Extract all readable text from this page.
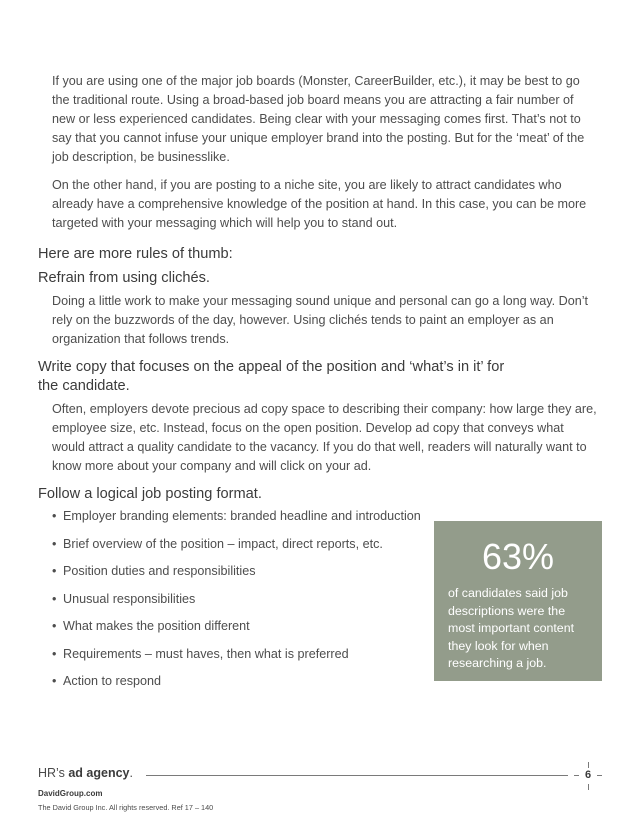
If you are using one of the major job boards (Monster, CareerBuilder, etc.), it may be best to go the traditional route. Using a broad-based job board means you are attracting a fair number of new or less experienced candidates. Being clear with your messaging comes first. That’s not to say that you cannot infuse your unique employer brand into the posting. But for the ‘meat’ of the job description, be businesslike.

On the other hand, if you are posting to a niche site, you are likely to attract candidates who already have a comprehensive knowledge of the position at hand. In this case, you can be more targeted with your messaging which will help you to stand out.

Here are more rules of thumb:
Refrain from using clichés.

Doing a little work to make your messaging sound unique and personal can go a long way. Don’t rely on the buzzwords of the day, however. Using clichés tends to paint an employer as an organization that follows trends.

Write copy that focuses on the appeal of the position and ‘what’s in it’ for
the candidate.

Often, employers devote precious ad copy space to describing their company: how large they are, employee size, etc. Instead, focus on the open position. Develop ad copy that conveys what would attract a quality candidate to the vacancy. If you do that well, readers will naturally want to know more about your company and will click on your ad.

Follow a logical job posting format.
• Employer branding elements: branded headline and introduction
• Brief overview of the position – impact, direct reports, etc.
• Position duties and responsibilities
• Unusual responsibilities
• What makes the position different
• Requirements – must haves, then what is preferred
• Action to respond
63%
of candidates said job descriptions were the most important content they look for when researching a job.
HR’s ad agency.	6
DavidGroup.com
The David Group Inc. All rights reserved. Ref 17 – 140
